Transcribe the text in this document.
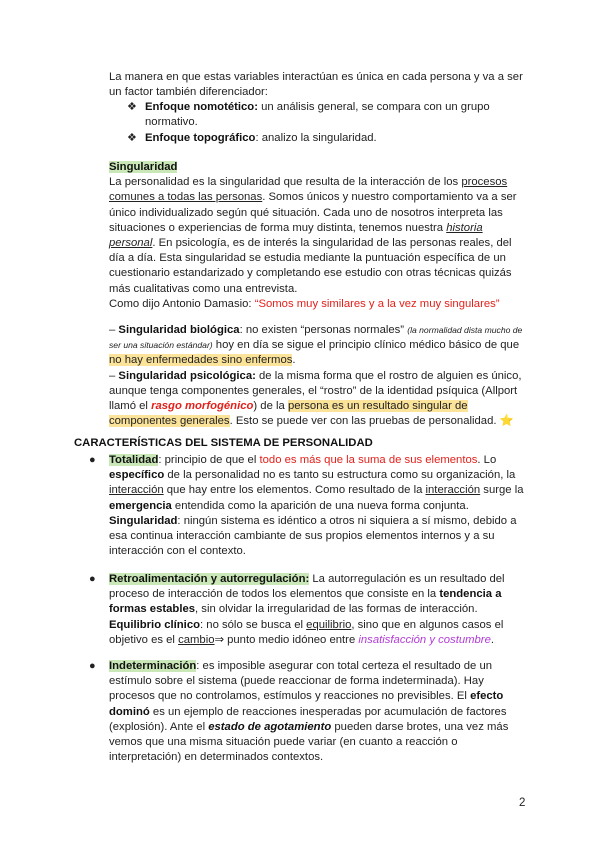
La manera en que estas variables interactúan es única en cada persona y va a ser
un factor también diferenciador:

❖ Enfoque nomotético: un análisis general, se compara con un grupo normativo.

❖ Enfoque topográfico: analizo la singularidad.

Singularidad

La personalidad es la singularidad que resulta de la interacción de los procesos comunes a todas las personas. Somos únicos y nuestro comportamiento va a ser único individualizado según qué situación. Cada uno de nosotros interpreta las situaciones o experiencias de forma muy distinta, tenemos nuestra historia personal. En psicología, es de interés la singularidad de las personas reales, del día a día. Esta singularidad se estudia mediante la puntuación específica de un cuestionario estandarizado y completando ese estudio con otras técnicas quizás más cualitativas como una entrevista.

Como dijo Antonio Damasio: “Somos muy similares y a la vez muy singulares”

– Singularidad biológica: no existen “personas normales” (la normalidad dista mucho de ser una situación estándar) hoy en día se sigue el principio clínico médico básico de que no hay enfermedades sino enfermos.

– Singularidad psicológica: de la misma forma que el rostro de alguien es único, aunque tenga componentes generales, el “rostro” de la identidad psíquica (Allport llamó el rasgo morfogénico) de la persona es un resultado singular de componentes generales. Esto se puede ver con las pruebas de personalidad. ⭐

CARACTERÍSTICAS DEL SISTEMA DE PERSONALIDAD

● Totalidad: principio de que el todo es más que la suma de sus elementos. Lo específico de la personalidad no es tanto su estructura como su organización, la interacción que hay entre los elementos. Como resultado de la interacción surge la emergencia entendida como la aparición de una nueva forma conjunta.

Singularidad: ningún sistema es idéntico a otros ni siquiera a sí mismo, debido a esa continua interacción cambiante de sus propios elementos internos y a su interacción con el contexto.

● Retroalimentación y autorregulación: La autorregulación es un resultado del proceso de interacción de todos los elementos que consiste en la tendencia a formas estables, sin olvidar la irregularidad de las formas de interacción.

Equilibrio clínico: no sólo se busca el equilibrio, sino que en algunos casos el objetivo es el cambio⇒ punto medio idóneo entre insatisfacción y costumbre.

● Indeterminación: es imposible asegurar con total certeza el resultado de un estímulo sobre el sistema (puede reaccionar de forma indeterminada). Hay procesos que no controlamos, estímulos y reacciones no previsibles. El efecto dominó es un ejemplo de reacciones inesperadas por acumulación de factores (explosión). Ante el estado de agotamiento pueden darse brotes, una vez más vemos que una misma situación puede variar (en cuanto a reacción o interpretación) en determinados contextos.

2
